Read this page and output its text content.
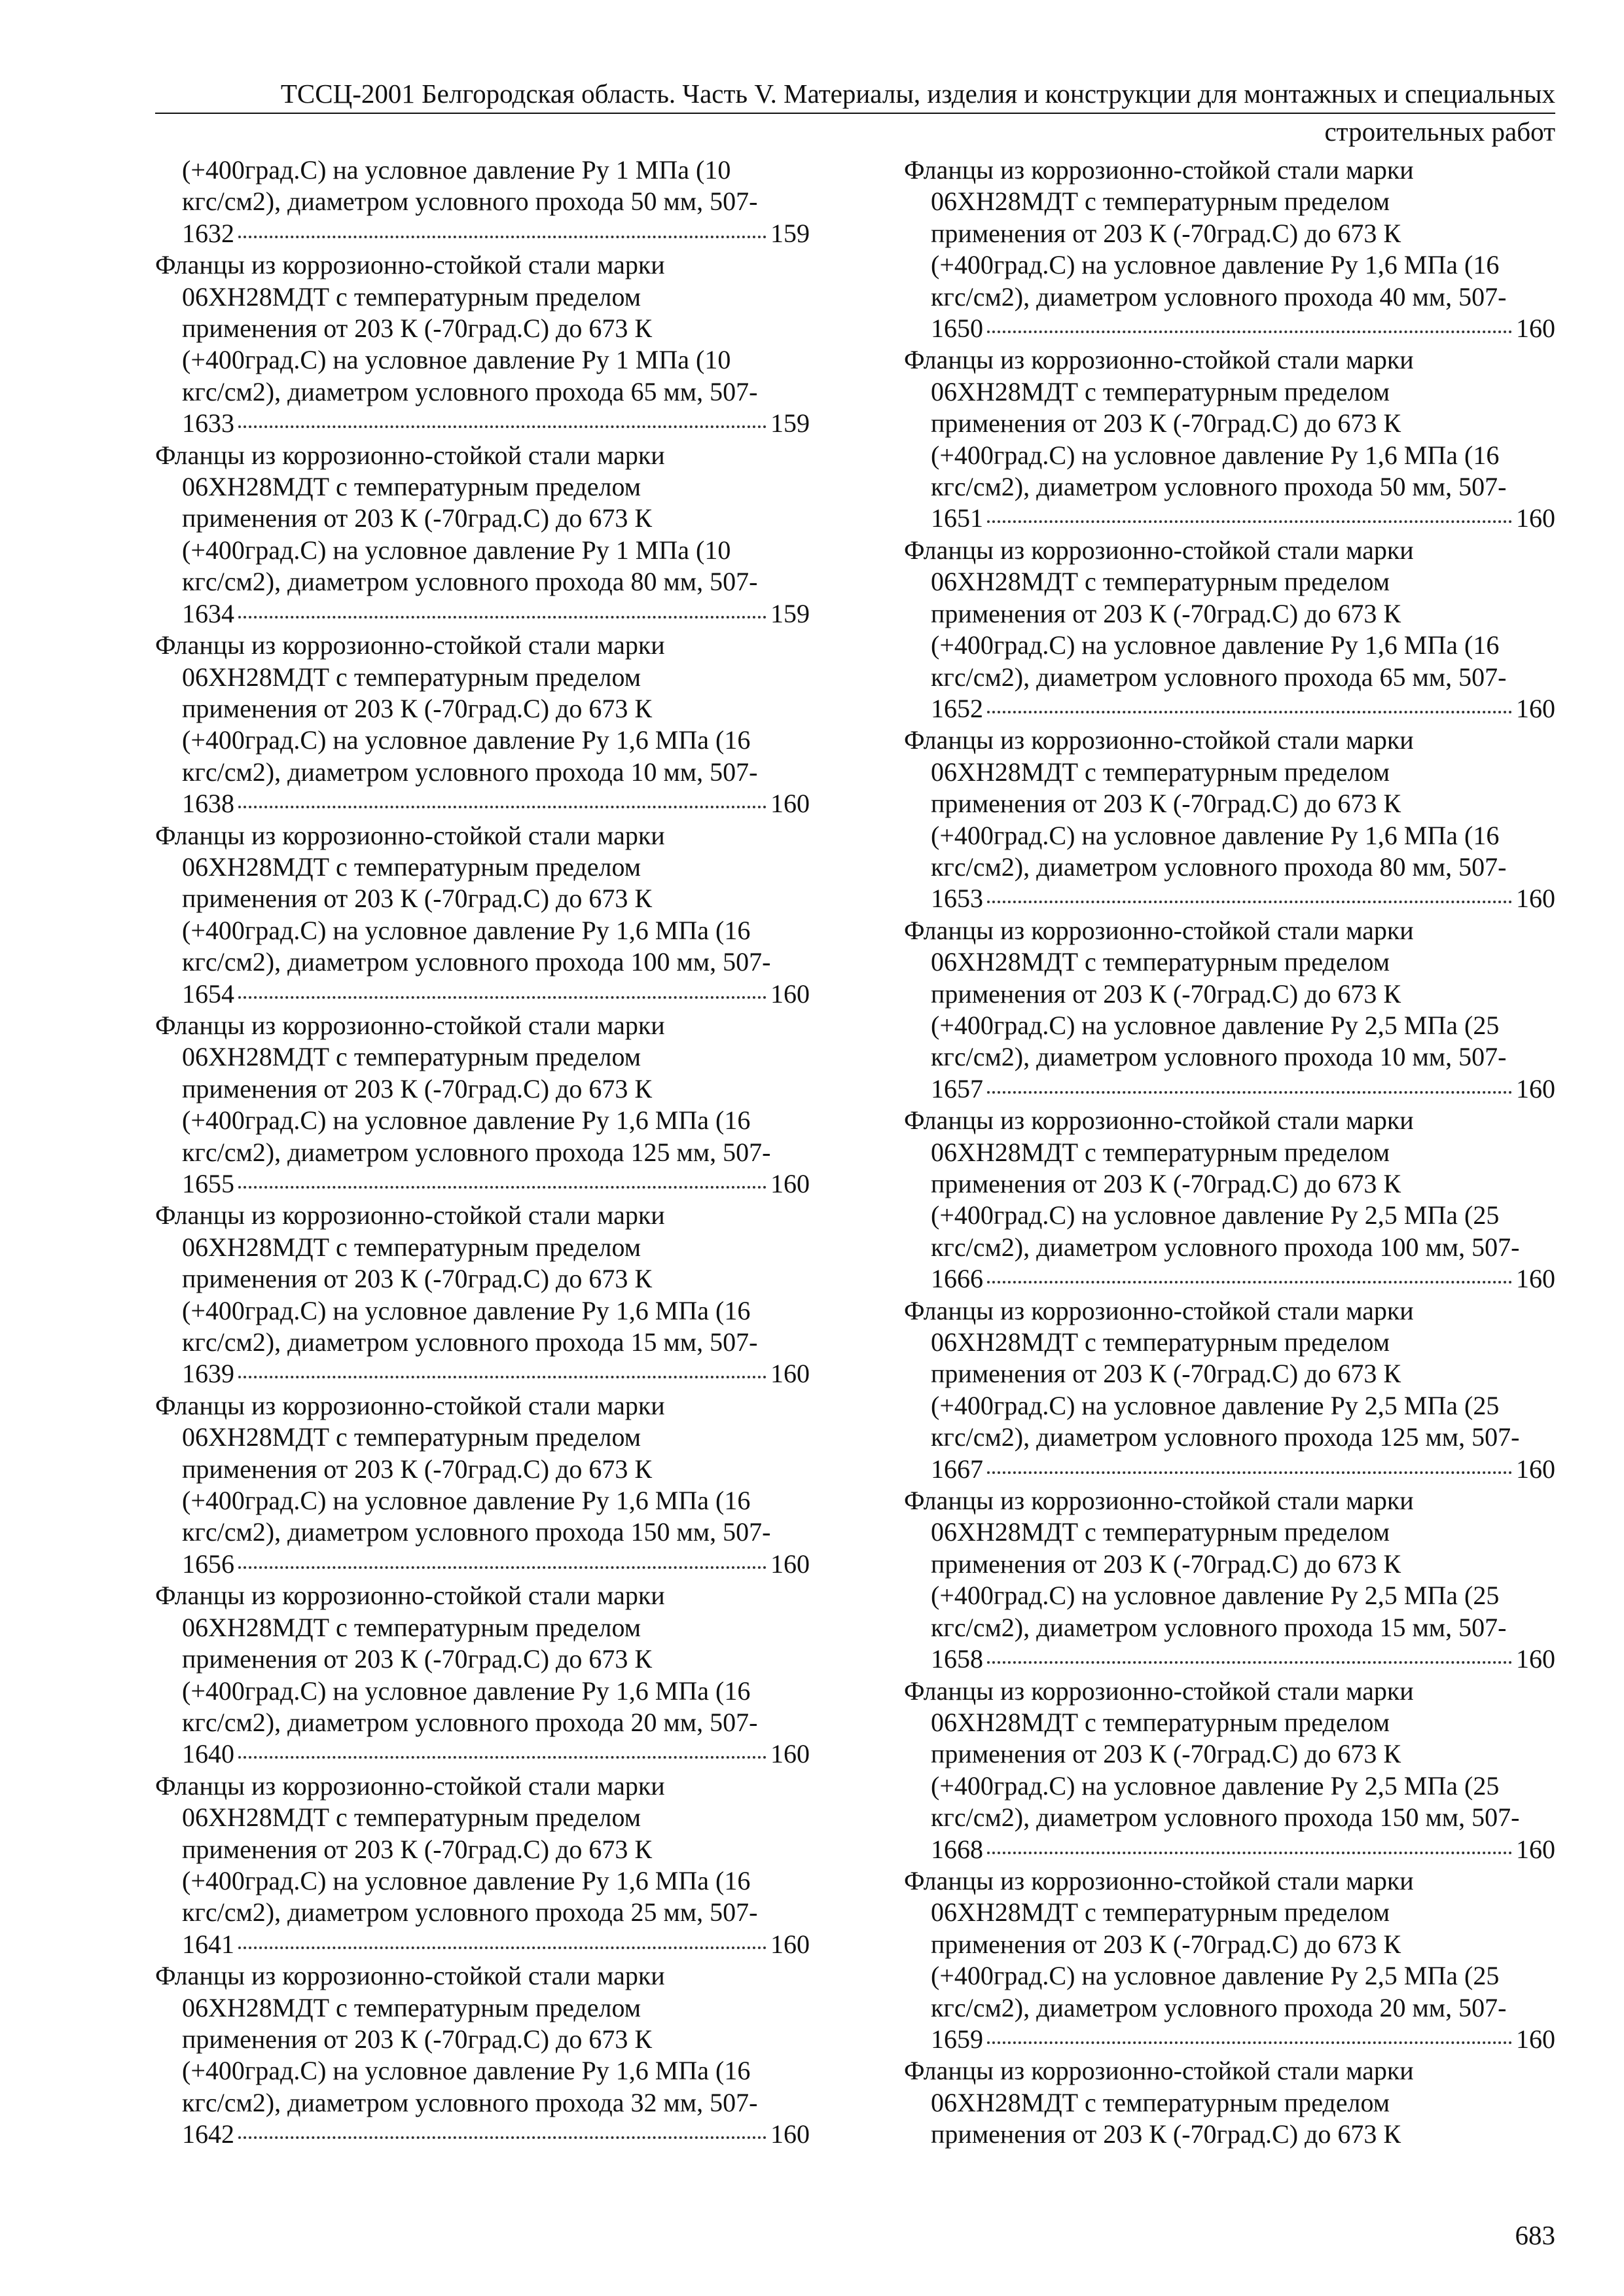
ТССЦ-2001 Белгородская область. Часть V. Материалы, изделия и конструкции для монтажных и специальных
строительных работ
(+400град.С) на условное давление Ру 1 МПа (10
кгс/см2), диаметром условного прохода 50 мм, 507-
1632	159
Фланцы из коррозионно-стойкой стали марки
06ХН28МДТ с температурным пределом
применения от 203 К (-70град.С) до 673 К
(+400град.С) на условное давление Ру 1 МПа (10
кгс/см2), диаметром условного прохода 65 мм, 507-
1633	159
Фланцы из коррозионно-стойкой стали марки
06ХН28МДТ с температурным пределом
применения от 203 К (-70град.С) до 673 К
(+400град.С) на условное давление Ру 1 МПа (10
кгс/см2), диаметром условного прохода 80 мм, 507-
1634	159
Фланцы из коррозионно-стойкой стали марки
06ХН28МДТ с температурным пределом
применения от 203 К (-70град.С) до 673 К
(+400град.С) на условное давление Ру 1,6 МПа (16
кгс/см2), диаметром условного прохода 10 мм, 507-
1638	160
Фланцы из коррозионно-стойкой стали марки
06ХН28МДТ с температурным пределом
применения от 203 К (-70град.С) до 673 К
(+400град.С) на условное давление Ру 1,6 МПа (16
кгс/см2), диаметром условного прохода 100 мм, 507-
1654	160
Фланцы из коррозионно-стойкой стали марки
06ХН28МДТ с температурным пределом
применения от 203 К (-70град.С) до 673 К
(+400град.С) на условное давление Ру 1,6 МПа (16
кгс/см2), диаметром условного прохода 125 мм, 507-
1655	160
Фланцы из коррозионно-стойкой стали марки
06ХН28МДТ с температурным пределом
применения от 203 К (-70град.С) до 673 К
(+400град.С) на условное давление Ру 1,6 МПа (16
кгс/см2), диаметром условного прохода 15 мм, 507-
1639	160
Фланцы из коррозионно-стойкой стали марки
06ХН28МДТ с температурным пределом
применения от 203 К (-70град.С) до 673 К
(+400град.С) на условное давление Ру 1,6 МПа (16
кгс/см2), диаметром условного прохода 150 мм, 507-
1656	160
Фланцы из коррозионно-стойкой стали марки
06ХН28МДТ с температурным пределом
применения от 203 К (-70град.С) до 673 К
(+400град.С) на условное давление Ру 1,6 МПа (16
кгс/см2), диаметром условного прохода 20 мм, 507-
1640	160
Фланцы из коррозионно-стойкой стали марки
06ХН28МДТ с температурным пределом
применения от 203 К (-70град.С) до 673 К
(+400град.С) на условное давление Ру 1,6 МПа (16
кгс/см2), диаметром условного прохода 25 мм, 507-
1641	160
Фланцы из коррозионно-стойкой стали марки
06ХН28МДТ с температурным пределом
применения от 203 К (-70град.С) до 673 К
(+400град.С) на условное давление Ру 1,6 МПа (16
кгс/см2), диаметром условного прохода 32 мм, 507-
1642	160
Фланцы из коррозионно-стойкой стали марки
06ХН28МДТ с температурным пределом
применения от 203 К (-70град.С) до 673 К
(+400град.С) на условное давление Ру 1,6 МПа (16
кгс/см2), диаметром условного прохода 40 мм, 507-
1650	160
Фланцы из коррозионно-стойкой стали марки
06ХН28МДТ с температурным пределом
применения от 203 К (-70град.С) до 673 К
(+400град.С) на условное давление Ру 1,6 МПа (16
кгс/см2), диаметром условного прохода 50 мм, 507-
1651	160
Фланцы из коррозионно-стойкой стали марки
06ХН28МДТ с температурным пределом
применения от 203 К (-70град.С) до 673 К
(+400град.С) на условное давление Ру 1,6 МПа (16
кгс/см2), диаметром условного прохода 65 мм, 507-
1652	160
Фланцы из коррозионно-стойкой стали марки
06ХН28МДТ с температурным пределом
применения от 203 К (-70град.С) до 673 К
(+400град.С) на условное давление Ру 1,6 МПа (16
кгс/см2), диаметром условного прохода 80 мм, 507-
1653	160
Фланцы из коррозионно-стойкой стали марки
06ХН28МДТ с температурным пределом
применения от 203 К (-70град.С) до 673 К
(+400град.С) на условное давление Ру 2,5 МПа (25
кгс/см2), диаметром условного прохода 10 мм, 507-
1657	160
Фланцы из коррозионно-стойкой стали марки
06ХН28МДТ с температурным пределом
применения от 203 К (-70град.С) до 673 К
(+400град.С) на условное давление Ру 2,5 МПа (25
кгс/см2), диаметром условного прохода 100 мм, 507-
1666	160
Фланцы из коррозионно-стойкой стали марки
06ХН28МДТ с температурным пределом
применения от 203 К (-70град.С) до 673 К
(+400град.С) на условное давление Ру 2,5 МПа (25
кгс/см2), диаметром условного прохода 125 мм, 507-
1667	160
Фланцы из коррозионно-стойкой стали марки
06ХН28МДТ с температурным пределом
применения от 203 К (-70град.С) до 673 К
(+400град.С) на условное давление Ру 2,5 МПа (25
кгс/см2), диаметром условного прохода 15 мм, 507-
1658	160
Фланцы из коррозионно-стойкой стали марки
06ХН28МДТ с температурным пределом
применения от 203 К (-70град.С) до 673 К
(+400град.С) на условное давление Ру 2,5 МПа (25
кгс/см2), диаметром условного прохода 150 мм, 507-
1668	160
Фланцы из коррозионно-стойкой стали марки
06ХН28МДТ с температурным пределом
применения от 203 К (-70град.С) до 673 К
(+400град.С) на условное давление Ру 2,5 МПа (25
кгс/см2), диаметром условного прохода 20 мм, 507-
1659	160
Фланцы из коррозионно-стойкой стали марки
06ХН28МДТ с температурным пределом
применения от 203 К (-70град.С) до 673 К
683
